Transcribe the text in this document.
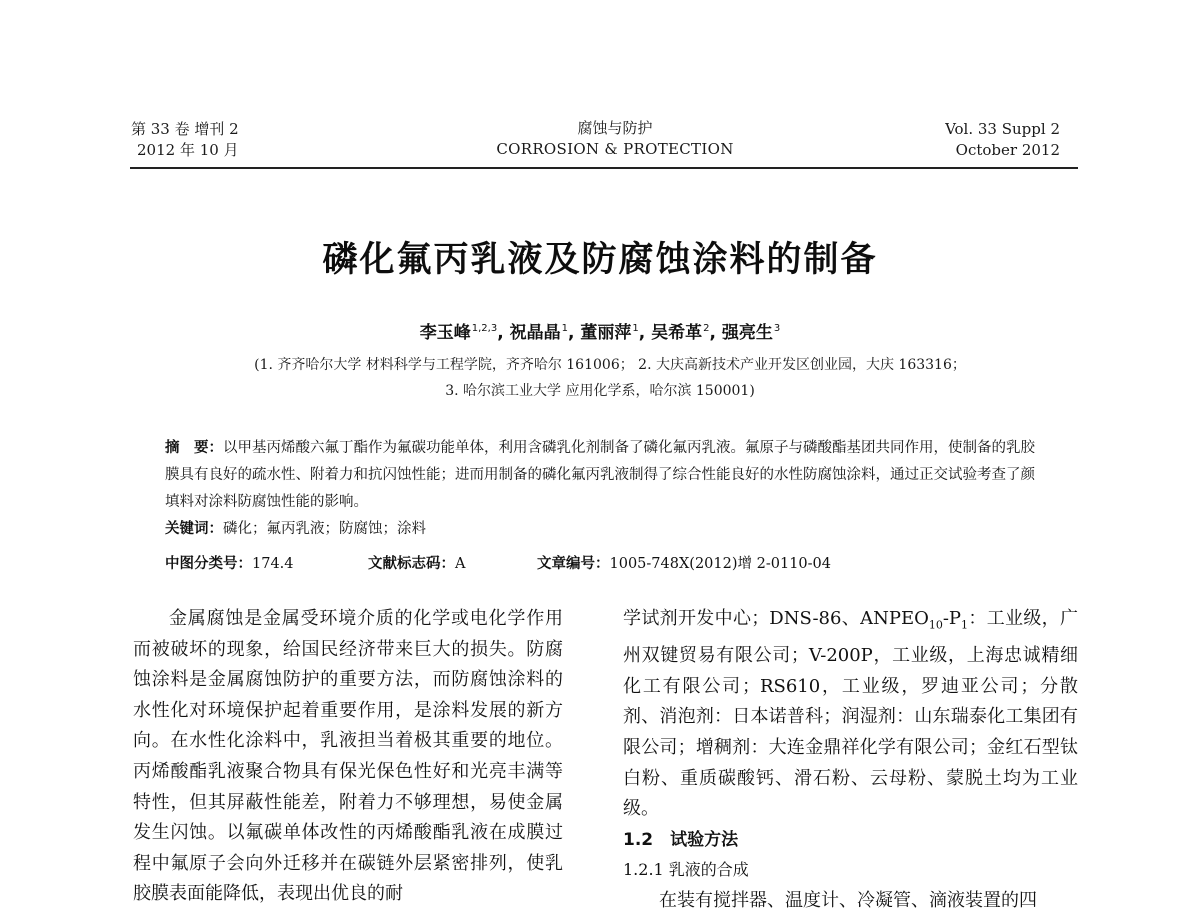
第 33 卷 增刊 2
2012 年 10 月
腐蚀与防护
CORROSION & PROTECTION
Vol. 33 Suppl 2
October 2012
磷化氟丙乳液及防腐蚀涂料的制备
李玉峰$^{1,2,3}$, 祝晶晶$^1$, 董丽萍$^1$, 吴希革$^2$, 强亮生$^3$
(1. 齐齐哈尔大学 材料科学与工程学院，齐齐哈尔 161006； 2. 大庆高新技术产业开发区创业园，大庆 163316；
3. 哈尔滨工业大学 应用化学系，哈尔滨 150001)
摘　要：以甲基丙烯酸六氟丁酯作为氟碳功能单体，利用含磷乳化剂制备了磷化氟丙乳液。氟原子与磷酸酯基团共同作用，使制备的乳胶膜具有良好的疏水性、附着力和抗闪蚀性能；进而用制备的磷化氟丙乳液制得了综合性能良好的水性防腐蚀涂料，通过正交试验考查了颜填料对涂料防腐蚀性能的影响。
关键词：磷化；氟丙乳液；防腐蚀；涂料
中图分类号：174.4	文献标志码：A	文章编号：1005-748X(2012)增 2-0110-04

金属腐蚀是金属受环境介质的化学或电化学作用而被破坏的现象，给国民经济带来巨大的损失。防腐蚀涂料是金属腐蚀防护的重要方法，而防腐蚀涂料的水性化对环境保护起着重要作用，是涂料发展的新方向。在水性化涂料中，乳液担当着极其重要的地位。丙烯酸酯乳液聚合物具有保光保色性好和光亮丰满等特性，但其屏蔽性能差，附着力不够理想，易使金属发生闪蚀。以氟碳单体改性的丙烯酸酯乳液在成膜过程中氟原子会向外迁移并在碳链外层紧密排列，使乳胶膜表面能降低，表现出优良的耐

学试剂开发中心；DNS-86、$ANPEO_{10}-P_1$：工业级，广州双键贸易有限公司；V-200P，工业级，上海忠诚精细化工有限公司；RS610，工业级，罗迪亚公司；分散剂、消泡剂：日本诺普科；润湿剂：山东瑞泰化工集团有限公司；增稠剂：大连金鼎祥化学有限公司；金红石型钛白粉、重质碳酸钙、滑石粉、云母粉、蒙脱土均为工业级。

1.2　试验方法

1.2.1 乳液的合成

在装有搅拌器、温度计、冷凝管、滴液装置的四
